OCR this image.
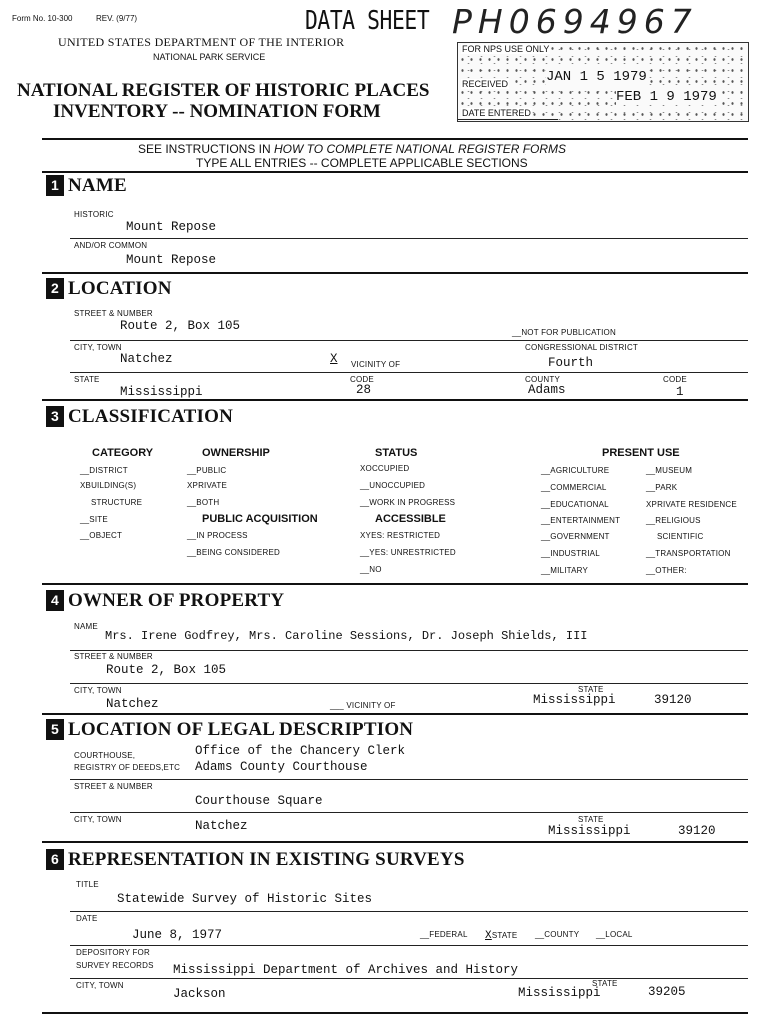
Form No. 10-300	REV. (9/77)	DATA SHEET PH0694967
UNITED STATES DEPARTMENT OF THE INTERIOR
NATIONAL PARK SERVICE
NATIONAL REGISTER OF HISTORIC PLACES
INVENTORY -- NOMINATION FORM
FOR NPS USE ONLY
RECEIVED	JAN 1 5 1979
DATE ENTERED
FEB 1 9 1979
SEE INSTRUCTIONS IN HOW TO COMPLETE NATIONAL REGISTER FORMS
TYPE ALL ENTRIES -- COMPLETE APPLICABLE SECTIONS
1 NAME
HISTORIC
Mount Repose
AND/OR COMMON
Mount Repose
2 LOCATION
STREET & NUMBER
Route 2, Box 105	__NOT FOR PUBLICATION
CITY, TOWN
Natchez	X VICINITY OF
CONGRESSIONAL DISTRICT
Fourth
STATE
Mississippi
CODE
28
COUNTY
Adams
CODE
1
3 CLASSIFICATION
CATEGORY	OWNERSHIP	STATUS	PRESENT USE
__DISTRICT
XBUILDING(S)
STRUCTURE
__SITE
__OBJECT
__PUBLIC
XPRIVATE
__BOTH
PUBLIC ACQUISITION
__IN PROCESS
__BEING CONSIDERED
XOCCUPIED
__UNOCCUPIED
__WORK IN PROGRESS
ACCESSIBLE
XYES: RESTRICTED
__YES: UNRESTRICTED
__NO
__AGRICULTURE
__COMMERCIAL
__EDUCATIONAL
__ENTERTAINMENT
__GOVERNMENT
__INDUSTRIAL
__MILITARY
__MUSEUM
__PARK
XPRIVATE RESIDENCE
__RELIGIOUS
SCIENTIFIC
__TRANSPORTATION
__OTHER:
4 OWNER OF PROPERTY
NAME
Mrs. Irene Godfrey, Mrs. Caroline Sessions, Dr. Joseph Shields, III
STREET & NUMBER
Route 2, Box 105
CITY, TOWN
Natchez	___ VICINITY OF
STATE
Mississippi	39120
5 LOCATION OF LEGAL DESCRIPTION
COURTHOUSE,
REGISTRY OF DEEDS,ETC
Office of the Chancery Clerk
Adams County Courthouse
STREET & NUMBER
Courthouse Square
CITY, TOWN	Natchez	STATE
Mississippi	39120
6 REPRESENTATION IN EXISTING SURVEYS
TITLE
Statewide Survey of Historic Sites
DATE
June 8, 1977	__FEDERAL XSTATE __COUNTY __LOCAL
DEPOSITORY FOR
SURVEY RECORDS Mississippi Department of Archives and History
CITY, TOWN
Jackson
STATE
Mississippi	39205
